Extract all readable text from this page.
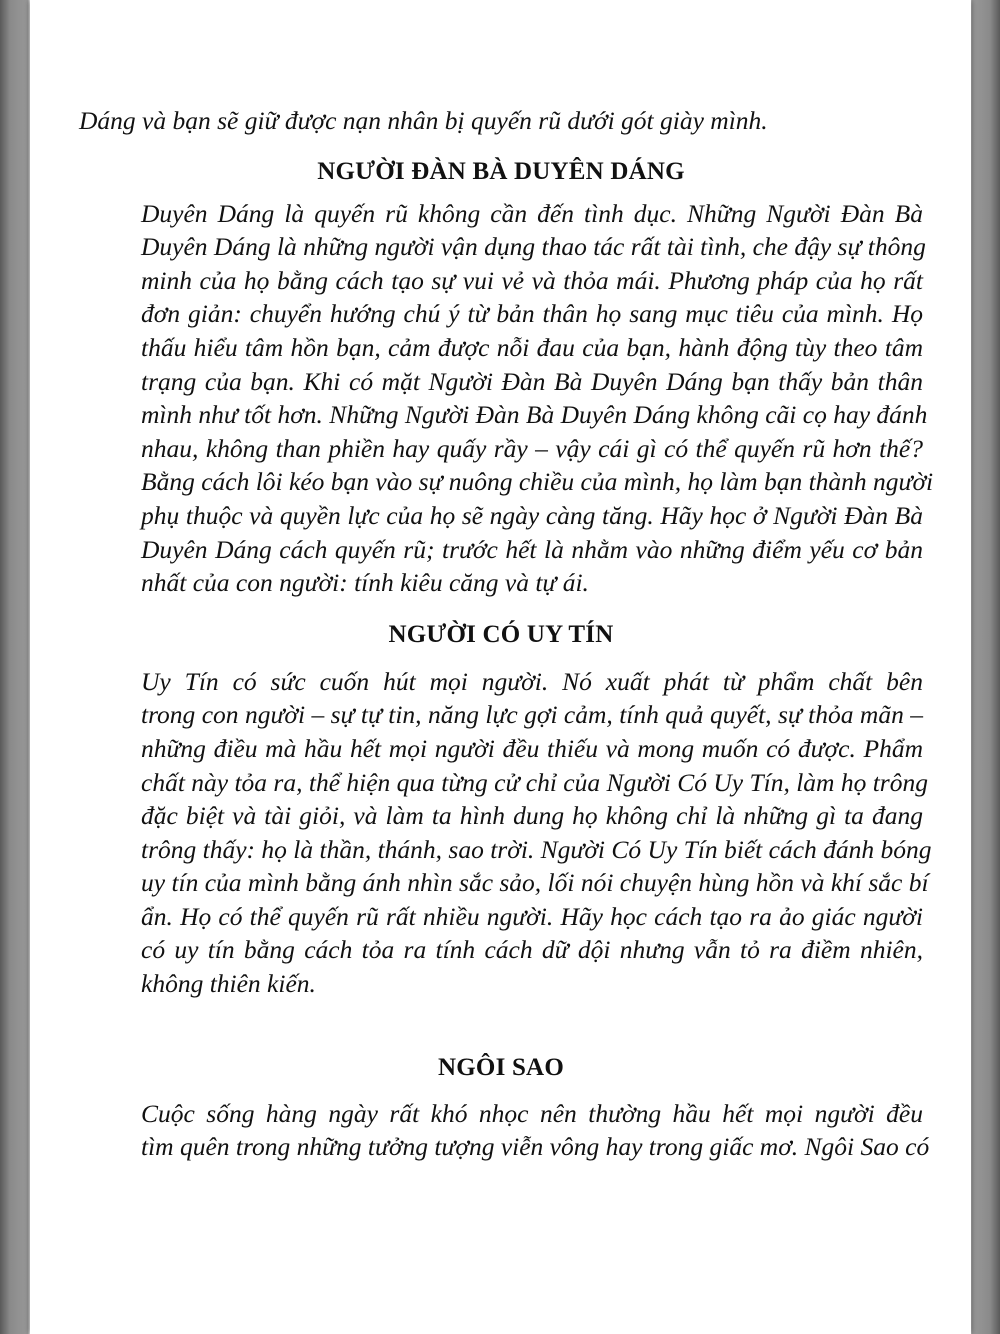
Dáng và bạn sẽ giữ được nạn nhân bị quyến rũ dưới gót giày mình.

NGƯỜI ĐÀN BÀ DUYÊN DÁNG

Duyên Dáng là quyến rũ không cần đến tình dục. Những Người Đàn Bà
Duyên Dáng là những người vận dụng thao tác rất tài tình, che đậy sự thông
minh của họ bằng cách tạo sự vui vẻ và thỏa mái. Phương pháp của họ rất
đơn giản: chuyển hướng chú ý từ bản thân họ sang mục tiêu của mình. Họ
thấu hiểu tâm hồn bạn, cảm được nỗi đau của bạn, hành động tùy theo tâm
trạng của bạn. Khi có mặt Người Đàn Bà Duyên Dáng bạn thấy bản thân
mình như tốt hơn. Những Người Đàn Bà Duyên Dáng không cãi cọ hay đánh
nhau, không than phiền hay quấy rầy – vậy cái gì có thể quyến rũ hơn thế?
Bằng cách lôi kéo bạn vào sự nuông chiều của mình, họ làm bạn thành người
phụ thuộc và quyền lực của họ sẽ ngày càng tăng. Hãy học ở Người Đàn Bà
Duyên Dáng cách quyến rũ; trước hết là nhằm vào những điểm yếu cơ bản
nhất của con người: tính kiêu căng và tự ái.

NGƯỜI CÓ UY TÍN

Uy Tín có sức cuốn hút mọi người. Nó xuất phát từ phẩm chất bên
trong con người – sự tự tin, năng lực gợi cảm, tính quả quyết, sự thỏa mãn –
những điều mà hầu hết mọi người đều thiếu và mong muốn có được. Phẩm
chất này tỏa ra, thể hiện qua từng cử chỉ của Người Có Uy Tín, làm họ trông
đặc biệt và tài giỏi, và làm ta hình dung họ không chỉ là những gì ta đang
trông thấy: họ là thần, thánh, sao trời. Người Có Uy Tín biết cách đánh bóng
uy tín của mình bằng ánh nhìn sắc sảo, lối nói chuyện hùng hồn và khí sắc bí
ẩn. Họ có thể quyến rũ rất nhiều người. Hãy học cách tạo ra ảo giác người
có uy tín bằng cách tỏa ra tính cách dữ dội nhưng vẫn tỏ ra điềm nhiên,
không thiên kiến.

NGÔI SAO

Cuộc sống hàng ngày rất khó nhọc nên thường hầu hết mọi người đều
tìm quên trong những tưởng tượng viễn vông hay trong giấc mơ. Ngôi Sao có
